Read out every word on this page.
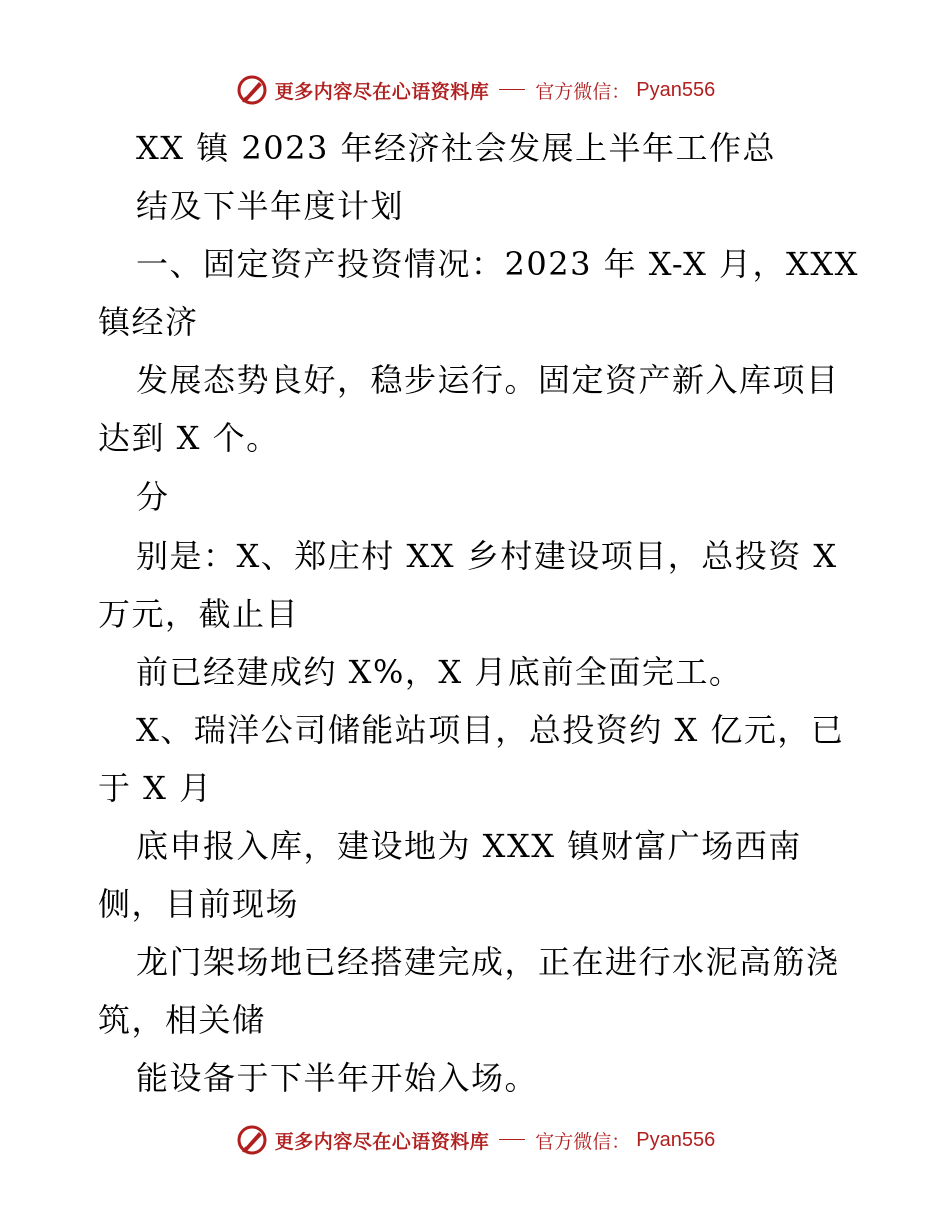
更多内容尽在心语资料库 官方微信： Pyan556
XX 镇 2023 年经济社会发展上半年工作总
结及下半年度计划
一、固定资产投资情况：2023 年 X-X 月，XXX
镇经济
发展态势良好，稳步运行。固定资产新入库项目
达到 X 个。
分
别是：X、郑庄村 XX 乡村建设项目，总投资 X
万元，截止目
前已经建成约 X%，X 月底前全面完工。
X、瑞洋公司储能站项目，总投资约 X 亿元，已
于 X 月
底申报入库，建设地为 XXX 镇财富广场西南
侧，目前现场
龙门架场地已经搭建完成，正在进行水泥高筋浇
筑，相关储
能设备于下半年开始入场。
更多内容尽在心语资料库 官方微信： Pyan556
